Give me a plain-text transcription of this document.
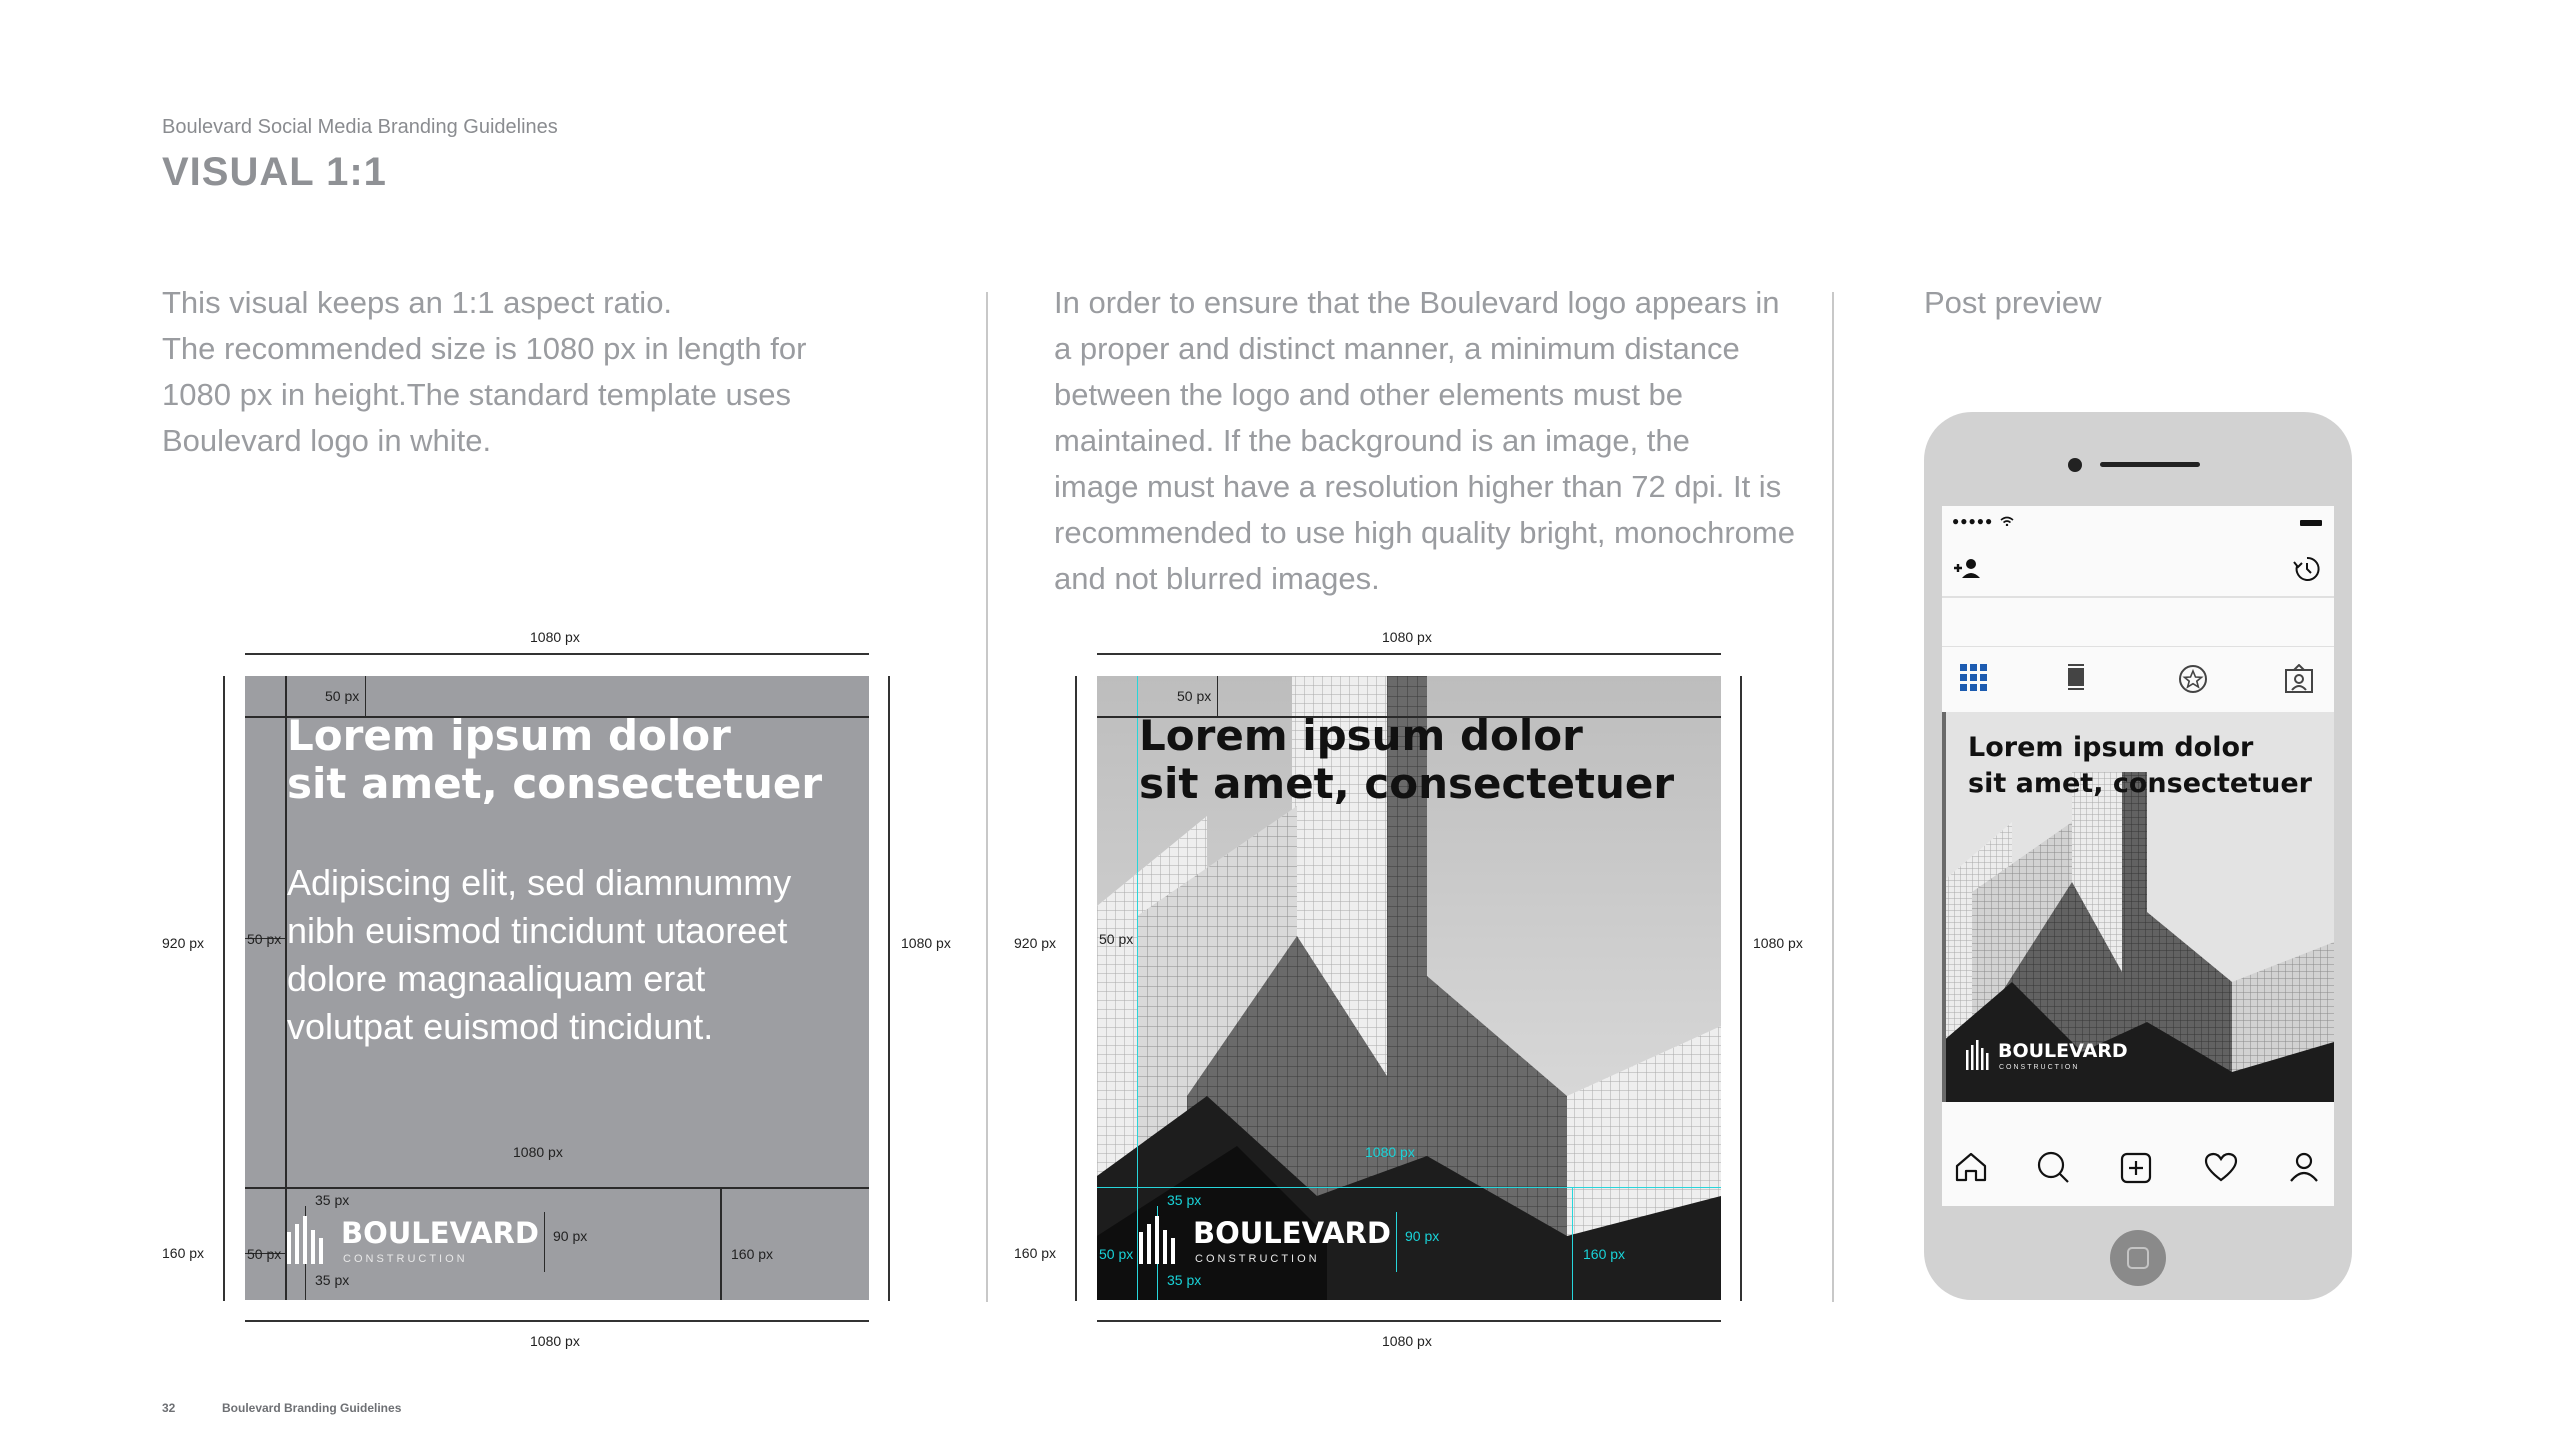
Boulevard Social Media Branding Guidelines
VISUAL 1:1
This visual keeps an 1:1 aspect ratio.
The recommended size is 1080 px in length for
1080 px in height.The standard template uses
Boulevard logo in white.
In order to ensure that the Boulevard logo appears in
a proper and distinct manner, a minimum distance
between the logo and other elements must be
maintained. If the background is an image, the
image must have a resolution higher than 72 dpi. It is
recommended to use high quality bright, monochrome
and not blurred images.
Post preview
1080 px
920 px
160 px
1080 px
50 px
50 px
50 px
1080 px
35 px
35 px
90 px
160 px
Lorem ipsum dolor
sit amet, consectetuer
Adipiscing elit, sed diamnummy
nibh euismod tincidunt utaoreet
dolore magnaaliquam erat
volutpat euismod tincidunt.
BOULEVARD
CONSTRUCTION
1080 px
1080 px
920 px
160 px
1080 px
50 px
50 px
50 px
1080 px
35 px
35 px
90 px
160 px
Lorem ipsum dolor
sit amet, consectetuer
BOULEVARD
CONSTRUCTION
1080 px
●●●●●
Lorem ipsum dolor
sit amet, consectetuer
BOULEVARD
CONSTRUCTION
32	Boulevard Branding Guidelines
